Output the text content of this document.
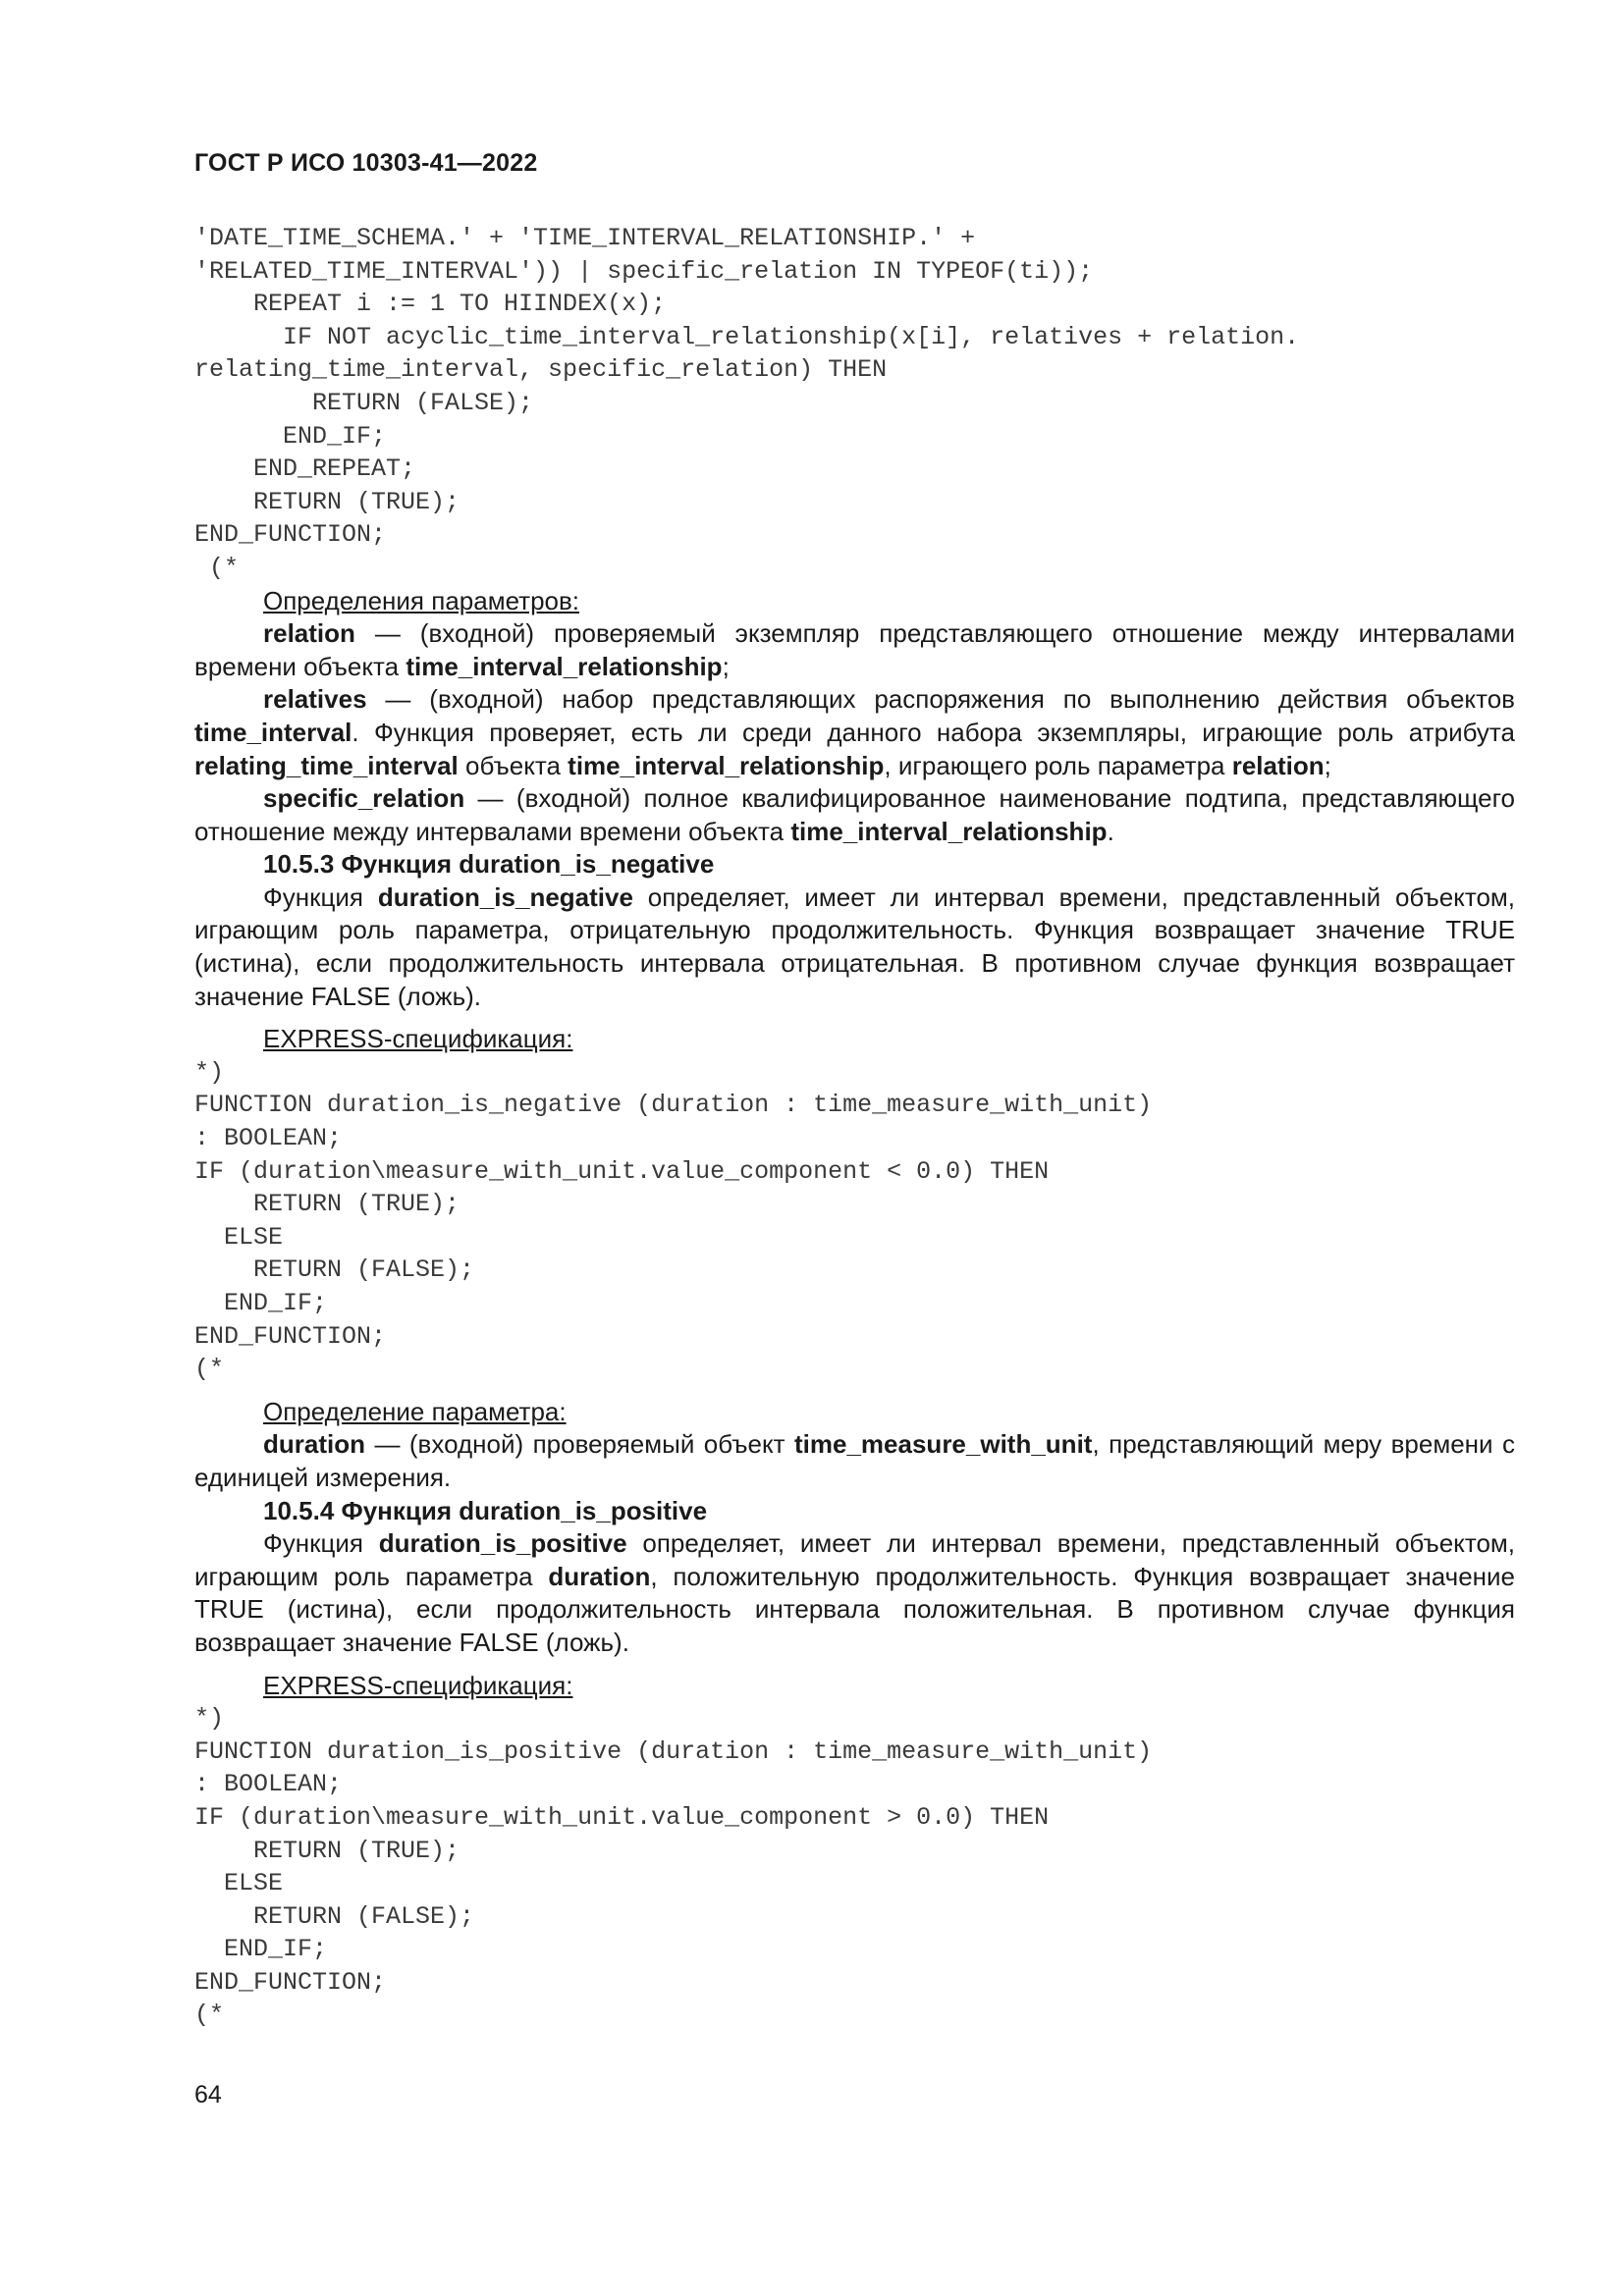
ГОСТ Р ИСО 10303-41—2022
'DATE_TIME_SCHEMA.' + 'TIME_INTERVAL_RELATIONSHIP.' +
'RELATED_TIME_INTERVAL')) | specific_relation IN TYPEOF(ti));
REPEAT i := 1 TO HIINDEX(x);
IF NOT acyclic_time_interval_relationship(x[i], relatives + relation.
relating_time_interval, specific_relation) THEN
RETURN (FALSE);
END_IF;
END_REPEAT;
RETURN (TRUE);
END_FUNCTION;
(*

Определения параметров:

relation — (входной) проверяемый экземпляр представляющего отношение между интервалами времени объекта time_interval_relationship;

relatives — (входной) набор представляющих распоряжения по выполнению действия объектов time_interval. Функция проверяет, есть ли среди данного набора экземпляры, играющие роль атрибута relating_time_interval объекта time_interval_relationship, играющего роль параметра relation;

specific_relation — (входной) полное квалифицированное наименование подтипа, представляющего отношение между интервалами времени объекта time_interval_relationship.

10.5.3 Функция duration_is_negative

Функция duration_is_negative определяет, имеет ли интервал времени, представленный объектом, играющим роль параметра, отрицательную продолжительность. Функция возвращает значение TRUE (истина), если продолжительность интервала отрицательная. В противном случае функция возвращает значение FALSE (ложь).

EXPRESS-спецификация:

*)
FUNCTION duration_is_negative (duration : time_measure_with_unit)
: BOOLEAN;
IF (duration\measure_with_unit.value_component < 0.0) THEN
RETURN (TRUE);
ELSE
RETURN (FALSE);
END_IF;
END_FUNCTION;
(*

Определение параметра:

duration — (входной) проверяемый объект time_measure_with_unit, представляющий меру времени с единицей измерения.

10.5.4 Функция duration_is_positive

Функция duration_is_positive определяет, имеет ли интервал времени, представленный объектом, играющим роль параметра duration, положительную продолжительность. Функция возвращает значение TRUE (истина), если продолжительность интервала положительная. В противном случае функция возвращает значение FALSE (ложь).

EXPRESS-спецификация:

*)
FUNCTION duration_is_positive (duration : time_measure_with_unit)
: BOOLEAN;
IF (duration\measure_with_unit.value_component > 0.0) THEN
RETURN (TRUE);
ELSE
RETURN (FALSE);
END_IF;
END_FUNCTION;
(*
64
